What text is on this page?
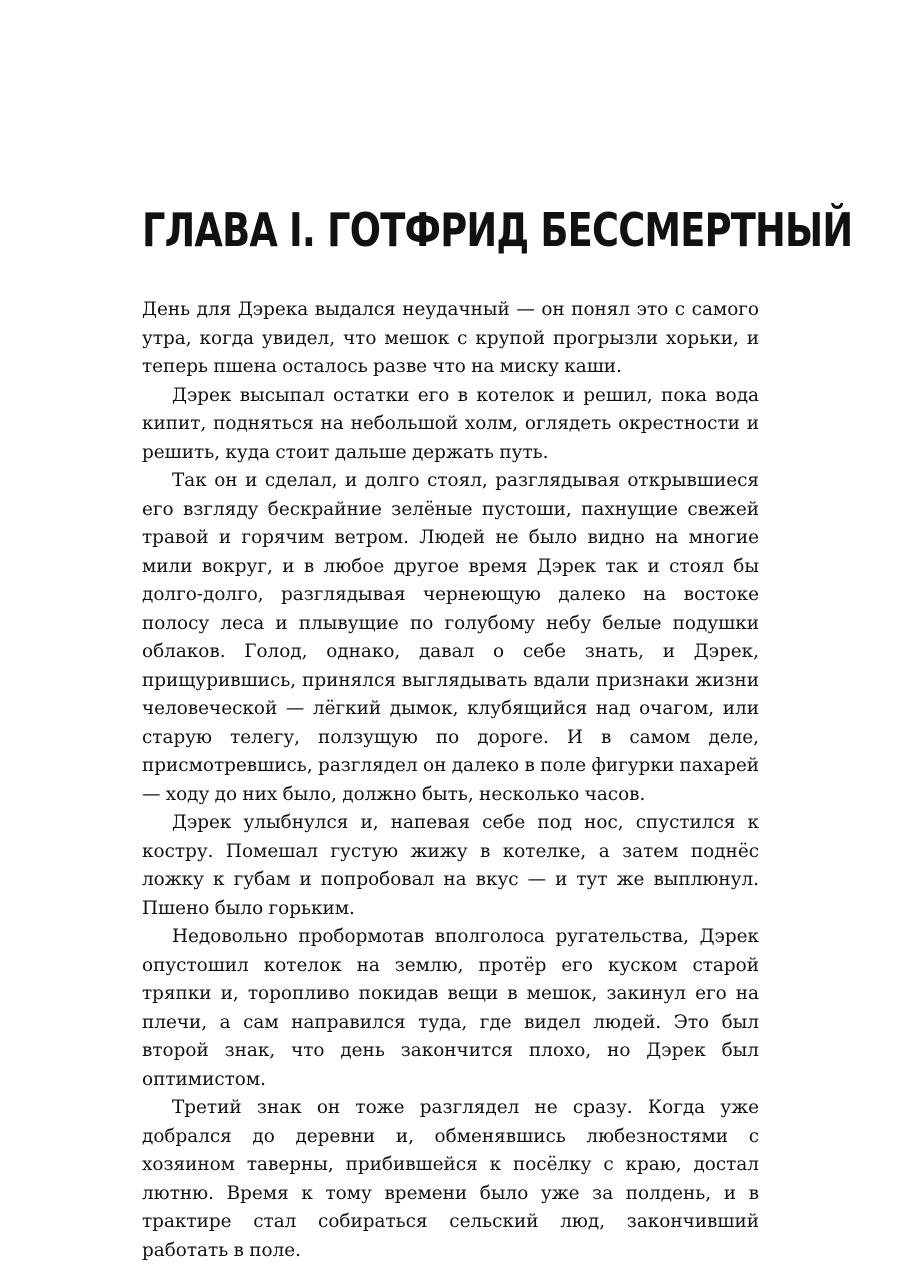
ГЛАВА I. ГОТФРИД БЕССМЕРТНЫЙ

День для Дэрека выдался неудачный — он понял это с самого утра, когда увидел, что мешок с крупой прогрызли хорьки, и теперь пшена осталось разве что на миску каши.

Дэрек высыпал остатки его в котелок и решил, пока вода кипит, подняться на небольшой холм, оглядеть окрестности и решить, куда стоит дальше держать путь.

Так он и сделал, и долго стоял, разглядывая открывшиеся его взгляду бескрайние зелёные пустоши, пахнущие свежей травой и горячим ветром. Людей не было видно на многие мили вокруг, и в любое другое время Дэрек так и стоял бы долго-долго, разглядывая чернеющую далеко на востоке полосу леса и плывущие по голубому небу белые подушки облаков. Голод, однако, давал о себе знать, и Дэрек, прищурившись, принялся выглядывать вдали признаки жизни человеческой — лёгкий дымок, клубящийся над очагом, или старую телегу, ползущую по дороге. И в самом деле, присмотревшись, разглядел он далеко в поле фигурки пахарей — ходу до них было, должно быть, несколько часов.

Дэрек улыбнулся и, напевая себе под нос, спустился к костру. Помешал густую жижу в котелке, а затем поднёс ложку к губам и попробовал на вкус — и тут же выплюнул. Пшено было горьким.

Недовольно пробормотав вполголоса ругательства, Дэрек опустошил котелок на землю, протёр его куском старой тряпки и, торопливо покидав вещи в мешок, закинул его на плечи, а сам направился туда, где видел людей. Это был второй знак, что день закончится плохо, но Дэрек был оптимистом.

Третий знак он тоже разглядел не сразу. Когда уже добрался до деревни и, обменявшись любезностями с хозяином таверны, прибившейся к посёлку с краю, достал лютню. Время к тому времени было уже за полдень, и в трактире стал собираться сельский люд, закончивший работать в поле.
